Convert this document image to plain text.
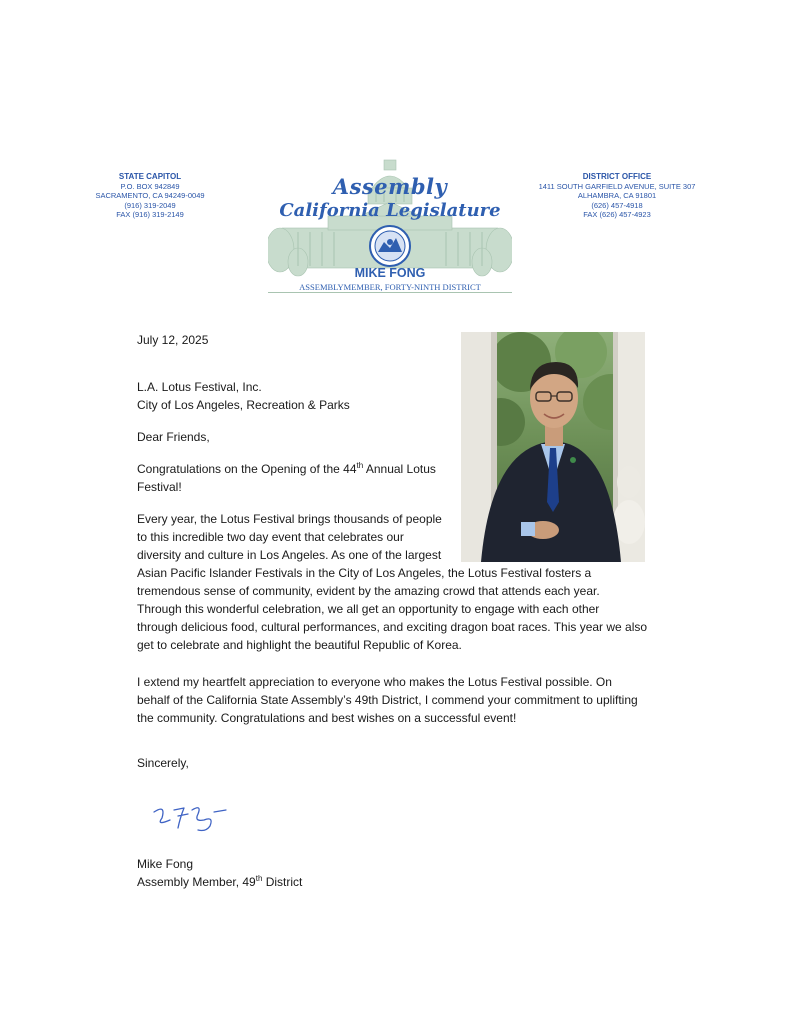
STATE CAPITOL
P.O. BOX 942849
SACRAMENTO, CA 94249-0049
(916) 319-2049
FAX (916) 319-2149
Assembly
California Legislature
MIKE FONG
ASSEMBLYMEMBER, FORTY-NINTH DISTRICT
DISTRICT OFFICE
1411 SOUTH GARFIELD AVENUE, SUITE 307
ALHAMBRA, CA 91801
(626) 457-4918
FAX (626) 457-4923
July 12, 2025
L.A. Lotus Festival, Inc.
City of Los Angeles, Recreation & Parks
Dear Friends,
Congratulations on the Opening of the 44th Annual Lotus
Festival!
Every year, the Lotus Festival brings thousands of people
to this incredible two day event that celebrates our
diversity and culture in Los Angeles. As one of the largest
Asian Pacific Islander Festivals in the City of Los Angeles, the Lotus Festival fosters a
tremendous sense of community, evident by the amazing crowd that attends each year.
Through this wonderful celebration, we all get an opportunity to engage with each other
through delicious food, cultural performances, and exciting dragon boat races. This year we also
get to celebrate and highlight the beautiful Republic of Korea.
I extend my heartfelt appreciation to everyone who makes the Lotus Festival possible. On
behalf of the California State Assembly’s 49th District, I commend your commitment to uplifting
the community. Congratulations and best wishes on a successful event!
Sincerely,
Mike Fong
Assembly Member, 49th District
